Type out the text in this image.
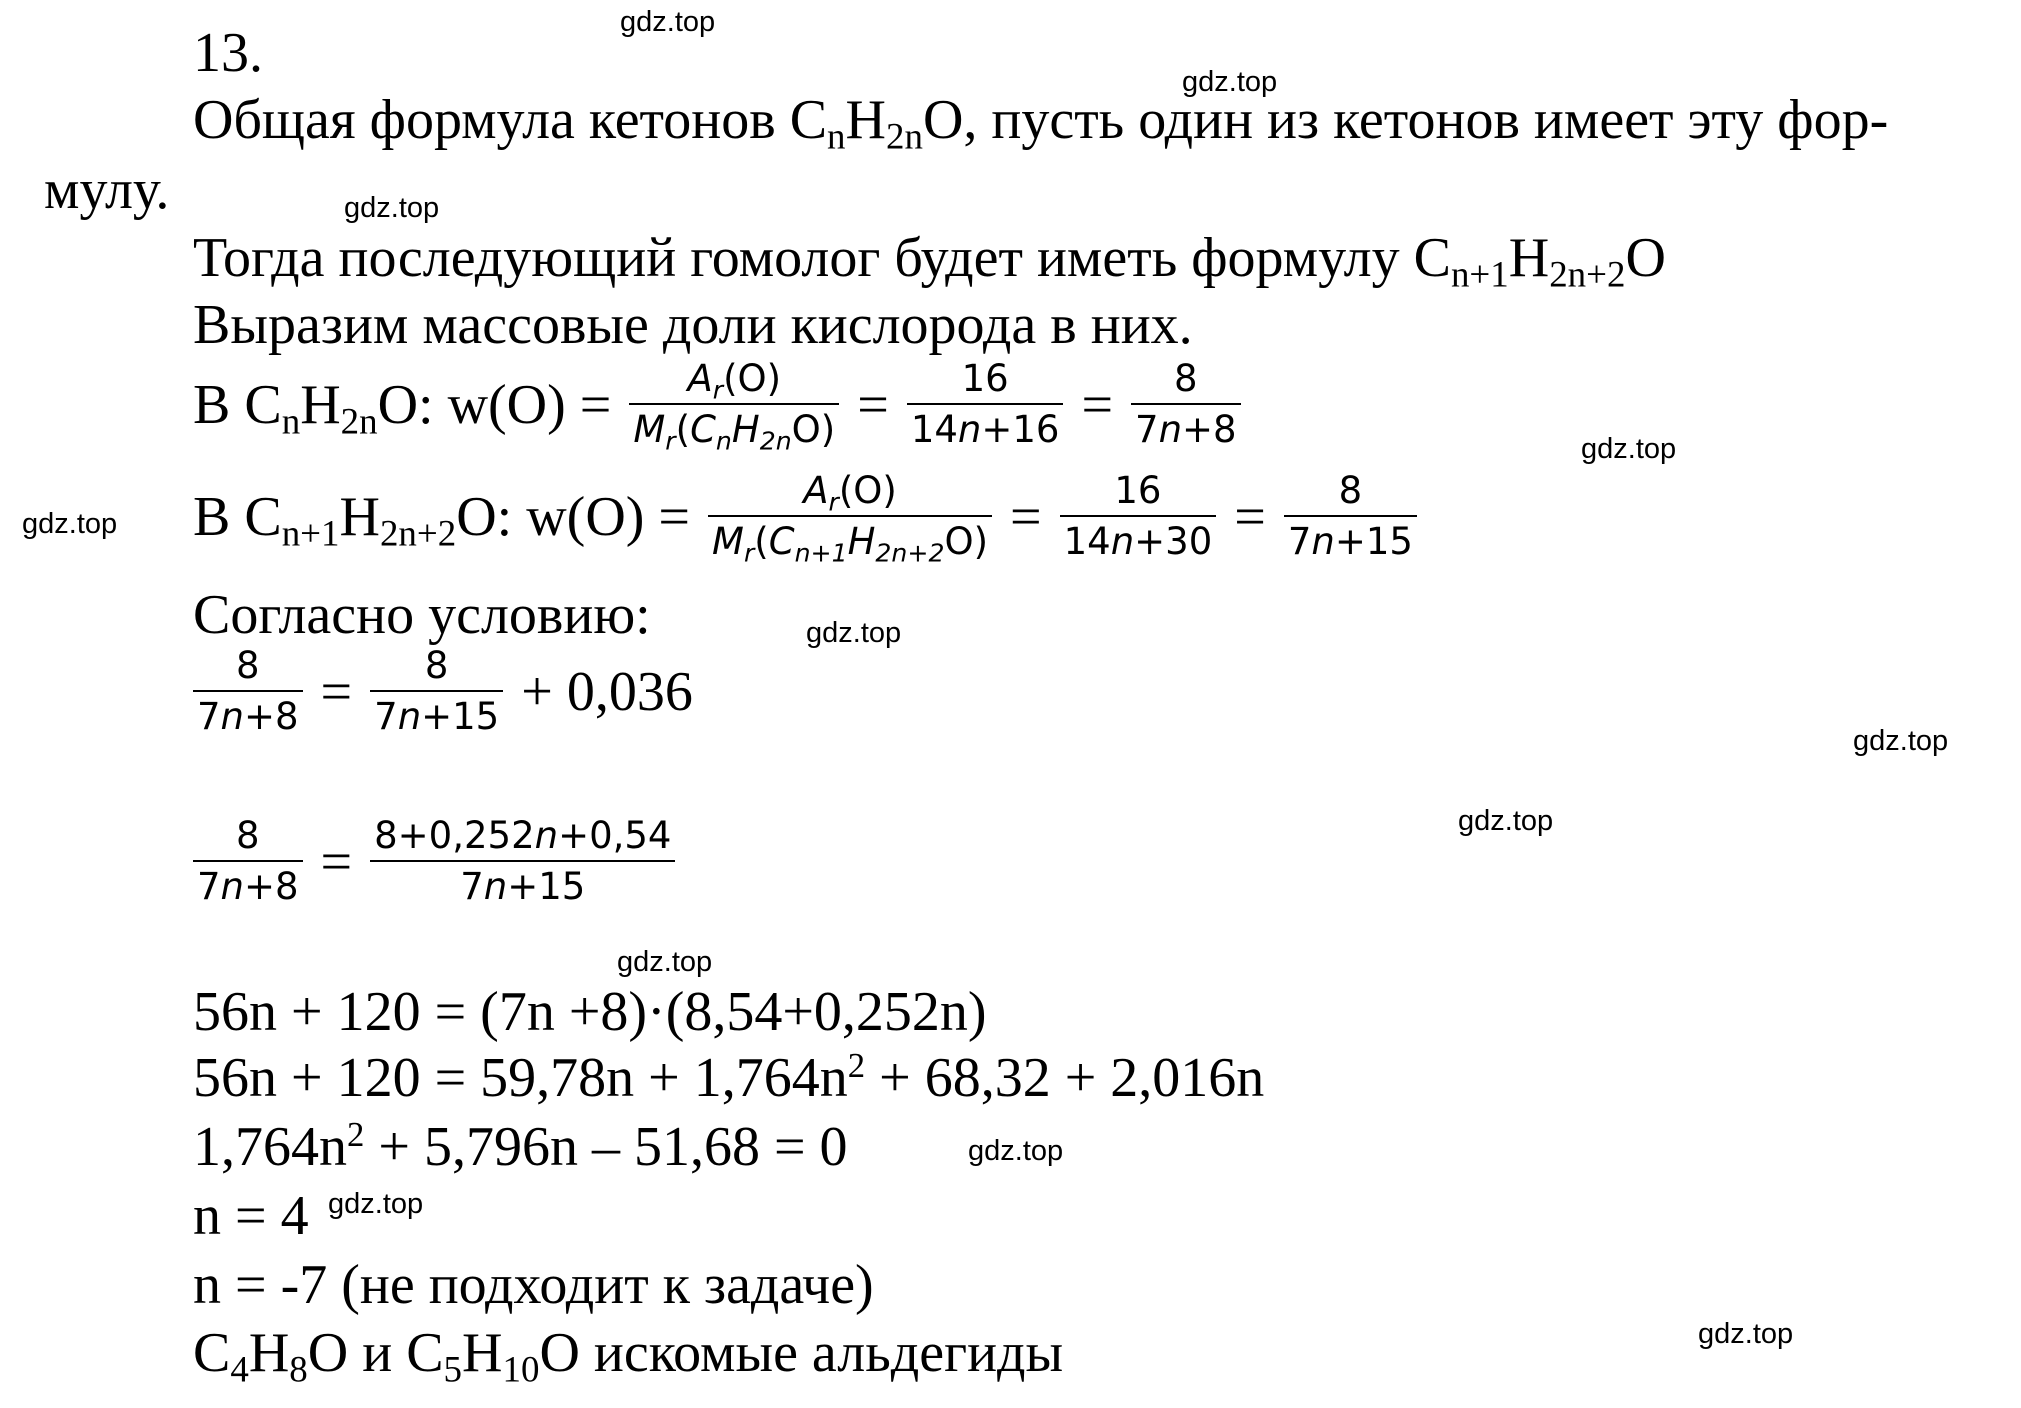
13.
Общая формула кетонов $C_nH_{2n}O$, пусть один из кетонов имеет эту фор-
мулу.
Тогда последующий гомолог будет иметь формулу $C_{n+1}H_{2n+2}O$
Выразим массовые доли кислорода в них.
B $C_nH_{2n}O$: $w(O) = \frac{A_r(O)}{M_r(C_nH_{2n}O)} = \frac{16}{14n+16} = \frac{8}{7n+8}$
B $C_{n+1}H_{2n+2}O$: $w(O) = \frac{A_r(O)}{M_r(C_{n+1}H_{2n+2}O)} = \frac{16}{14n+30} = \frac{8}{7n+15}$
Согласно условию:
$\frac{8}{7n+8} = \frac{8}{7n+15} + 0,036$
$\frac{8}{7n+8} = \frac{8+0,252n+0,54}{7n+15}$
56n + 120 = (7n +8)·(8,54+0,252n)
$56n + 120 = 59,78n + 1,764n^2 + 68,32 + 2,016n$
$1,764n^2 + 5,796n - 51,68 = 0$
n = 4
n = -7 (не подходит к задаче)
$C_4H_8O$ и $C_5H_{10}O$ искомые альдегиды
gdz.top
gdz.top
gdz.top
gdz.top
gdz.top
gdz.top
gdz.top
gdz.top
gdz.top
gdz.top
gdz.top
gdz.top
